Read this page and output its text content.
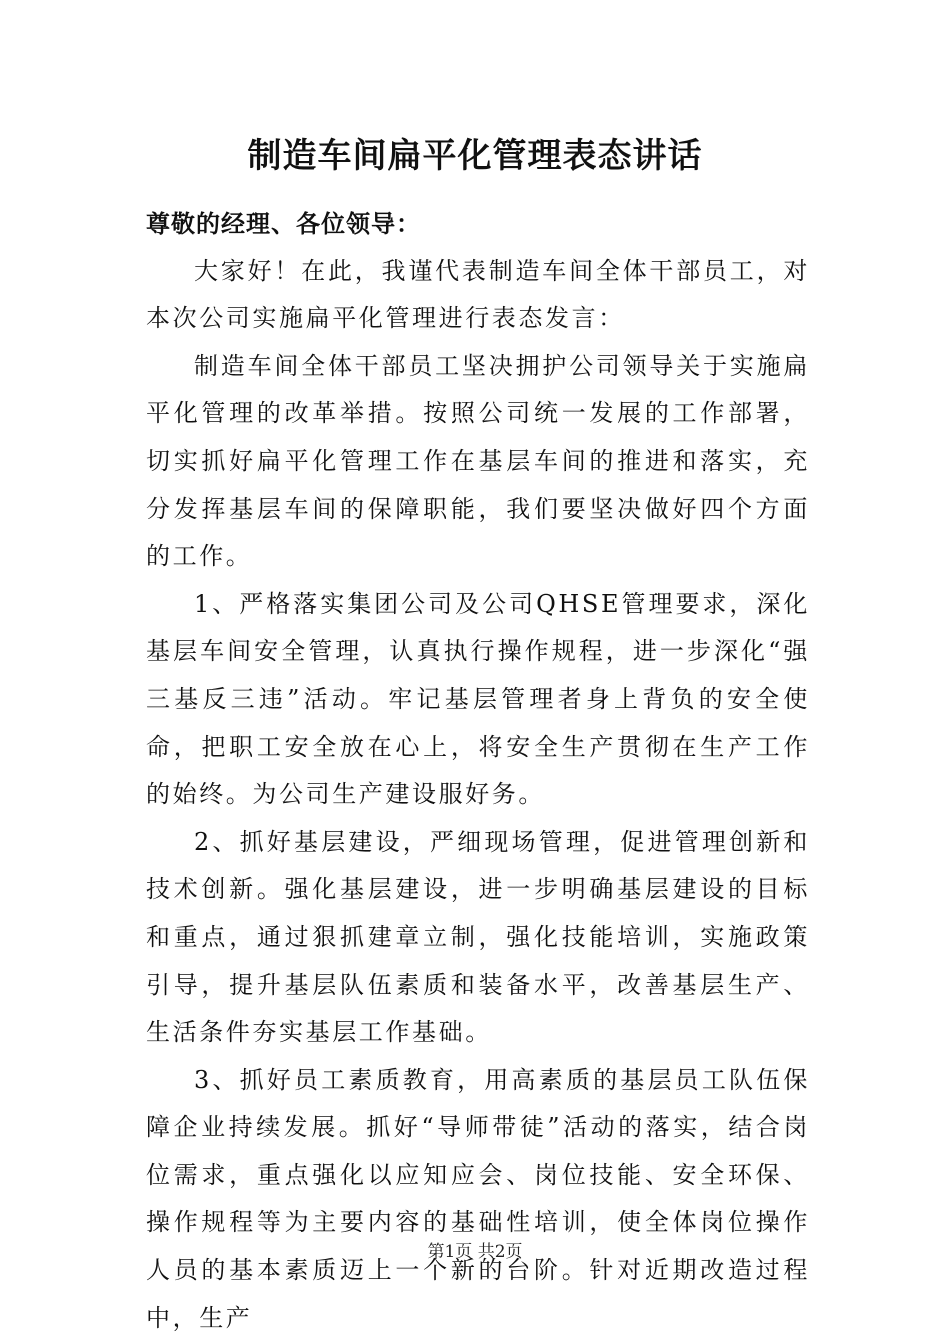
制造车间扁平化管理表态讲话

尊敬的经理、各位领导：

大家好！在此，我谨代表制造车间全体干部员工，对本次公司实施扁平化管理进行表态发言：

制造车间全体干部员工坚决拥护公司领导关于实施扁平化管理的改革举措。按照公司统一发展的工作部署，切实抓好扁平化管理工作在基层车间的推进和落实，充分发挥基层车间的保障职能，我们要坚决做好四个方面的工作。

1、严格落实集团公司及公司QHSE管理要求，深化基层车间安全管理，认真执行操作规程，进一步深化“强三基反三违”活动。牢记基层管理者身上背负的安全使命，把职工安全放在心上，将安全生产贯彻在生产工作的始终。为公司生产建设服好务。

2、抓好基层建设，严细现场管理，促进管理创新和技术创新。强化基层建设，进一步明确基层建设的目标和重点，通过狠抓建章立制，强化技能培训，实施政策引导，提升基层队伍素质和装备水平，改善基层生产、生活条件夯实基层工作基础。

3、抓好员工素质教育，用高素质的基层员工队伍保障企业持续发展。抓好“导师带徒”活动的落实，结合岗位需求，重点强化以应知应会、岗位技能、安全环保、操作规程等为主要内容的基础性培训，使全体岗位操作人员的基本素质迈上一个新的台阶。针对近期改造过程中，生产

第1页 共2页
